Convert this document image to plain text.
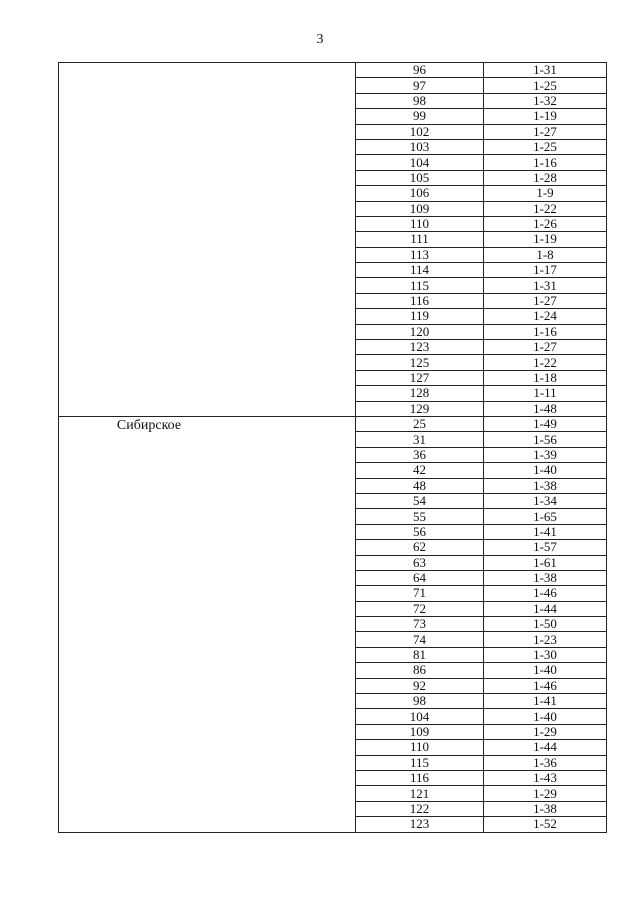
3
	96	1-31
	97	1-25
	98	1-32
	99	1-19
	102	1-27
	103	1-25
	104	1-16
	105	1-28
	106	1-9
	109	1-22
	110	1-26
	111	1-19
	113	1-8
	114	1-17
	115	1-31
	116	1-27
	119	1-24
	120	1-16
	123	1-27
	125	1-22
	127	1-18
	128	1-11
	129	1-48

Сибирское	25	1-49
	31	1-56
	36	1-39
	42	1-40
	48	1-38
	54	1-34
	55	1-65
	56	1-41
	62	1-57
	63	1-61
	64	1-38
	71	1-46
	72	1-44
	73	1-50
	74	1-23
	81	1-30
	86	1-40
	92	1-46
	98	1-41
	104	1-40
	109	1-29
	110	1-44
	115	1-36
	116	1-43
	121	1-29
	122	1-38
	123	1-52
